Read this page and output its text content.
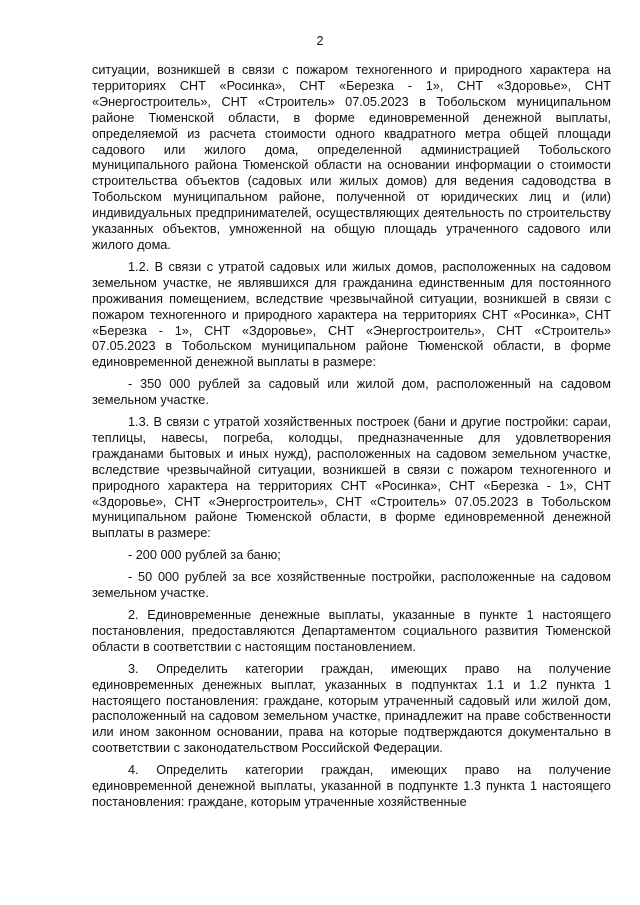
2

ситуации, возникшей в связи с пожаром техногенного и природного характера на территориях СНТ «Росинка», СНТ «Березка - 1», СНТ «Здоровье», СНТ «Энергостроитель», СНТ «Строитель» 07.05.2023 в Тобольском муниципальном районе Тюменской области, в форме единовременной денежной выплаты, определяемой из расчета стоимости одного квадратного метра общей площади садового или жилого дома, определенной администрацией Тобольского муниципального района Тюменской области на основании информации о стоимости строительства объектов (садовых или жилых домов) для ведения садоводства в Тобольском муниципальном районе, полученной от юридических лиц и (или) индивидуальных предпринимателей, осуществляющих деятельность по строительству указанных объектов, умноженной на общую площадь утраченного садового или жилого дома.

1.2. В связи с утратой садовых или жилых домов, расположенных на садовом земельном участке, не являвшихся для гражданина единственным для постоянного проживания помещением, вследствие чрезвычайной ситуации, возникшей в связи с пожаром техногенного и природного характера на территориях СНТ «Росинка», СНТ «Березка - 1», СНТ «Здоровье», СНТ «Энергостроитель», СНТ «Строитель» 07.05.2023 в Тобольском муниципальном районе Тюменской области, в форме единовременной денежной выплаты в размере:

- 350 000 рублей за садовый или жилой дом, расположенный на садовом земельном участке.

1.3. В связи с утратой хозяйственных построек (бани и другие постройки: сараи, теплицы, навесы, погреба, колодцы, предназначенные для удовлетворения гражданами бытовых и иных нужд), расположенных на садовом земельном участке, вследствие чрезвычайной ситуации, возникшей в связи с пожаром техногенного и природного характера на территориях СНТ «Росинка», СНТ «Березка - 1», СНТ «Здоровье», СНТ «Энергостроитель», СНТ «Строитель» 07.05.2023 в Тобольском муниципальном районе Тюменской области, в форме единовременной денежной выплаты в размере:

- 200 000 рублей за баню;

- 50 000 рублей за все хозяйственные постройки, расположенные на садовом земельном участке.

2. Единовременные денежные выплаты, указанные в пункте 1 настоящего постановления, предоставляются Департаментом социального развития Тюменской области в соответствии с настоящим постановлением.

3. Определить категории граждан, имеющих право на получение единовременных денежных выплат, указанных в подпунктах 1.1 и 1.2 пункта 1 настоящего постановления: граждане, которым утраченный садовый или жилой дом, расположенный на садовом земельном участке, принадлежит на праве собственности или ином законном основании, права на которые подтверждаются документально в соответствии с законодательством Российской Федерации.

4. Определить категории граждан, имеющих право на получение единовременной денежной выплаты, указанной в подпункте 1.3 пункта 1 настоящего постановления: граждане, которым утраченные хозяйственные
